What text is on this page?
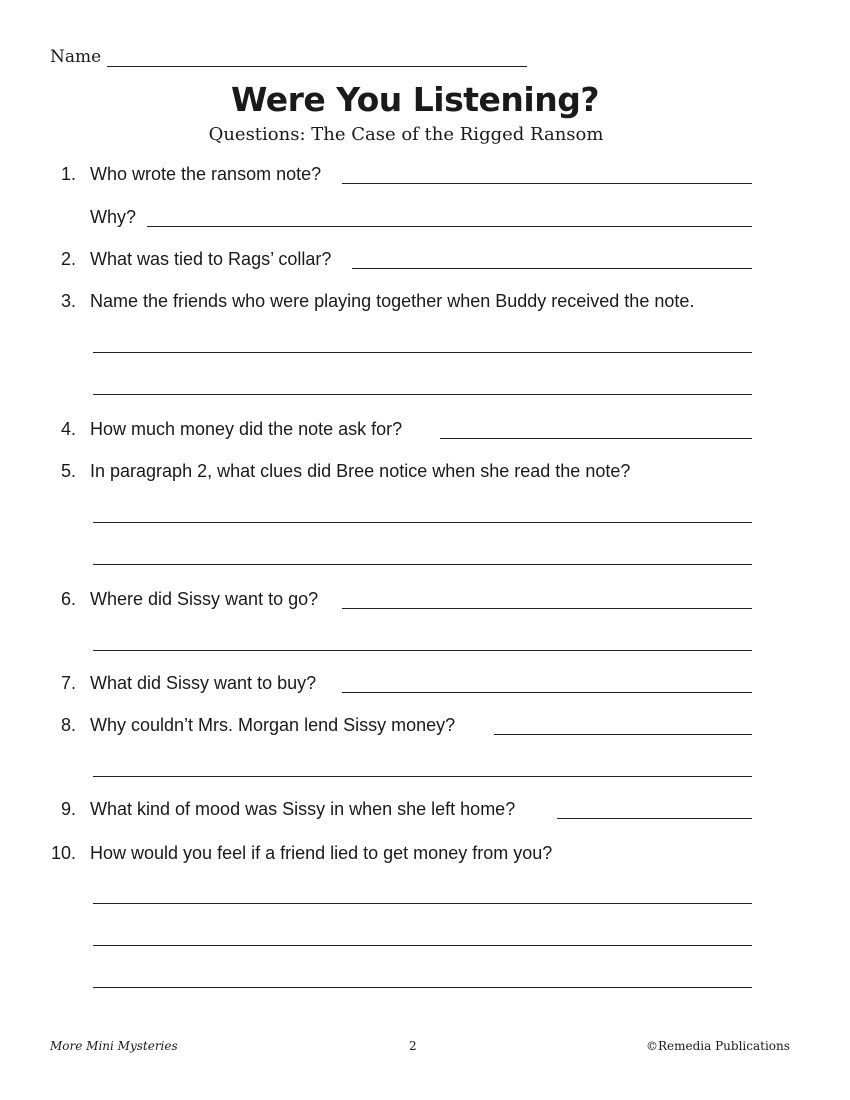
Name
Were You Listening?
Questions: The Case of the Rigged Ransom
1. Who wrote the ransom note?
Why?
2. What was tied to Rags’ collar?
3. Name the friends who were playing together when Buddy received the note.
4. How much money did the note ask for?
5. In paragraph 2, what clues did Bree notice when she read the note?
6. Where did Sissy want to go?
7. What did Sissy want to buy?
8. Why couldn’t Mrs. Morgan lend Sissy money?
9. What kind of mood was Sissy in when she left home?
10. How would you feel if a friend lied to get money from you?
More Mini Mysteries	2	©Remedia Publications
